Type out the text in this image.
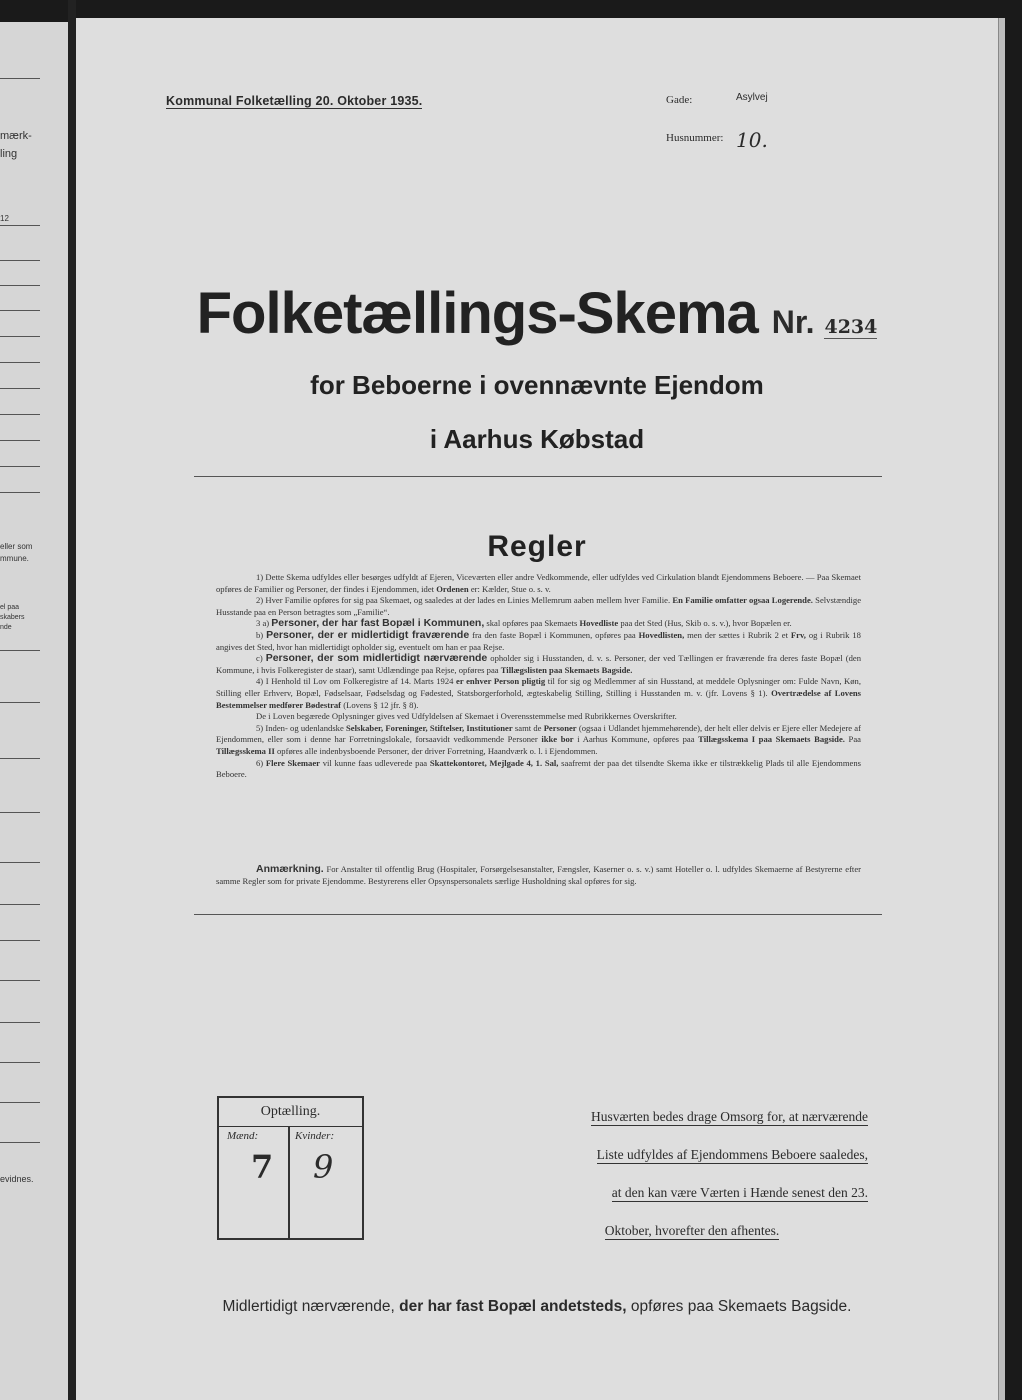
mærk-
ling
12
eller som
mmune.
el paa
skabers
nde
evidnes.
Kommunal Folketælling 20. Oktober 1935.	Gade:	Asylvej
Husnummer: 10.
Folketællings-Skema Nr. 4234
for Beboerne i ovennævnte Ejendom
i Aarhus Købstad
Regler

1) Dette Skema udfyldes eller besørges udfyldt af Ejeren, Viceværten eller andre Vedkommende, eller udfyldes ved Cirkulation blandt Ejendommens Beboere. — Paa Skemaet opføres de Familier og Personer, der findes i Ejendommen, idet Ordenen er: Kælder, Stue o. s. v.

2) Hver Familie opføres for sig paa Skemaet, og saaledes at der lades en Linies Mellemrum aaben mellem hver Familie. En Familie omfatter ogsaa Logerende. Selvstændige Husstande paa en Person betragtes som „Familie“.

3 a) Personer, der har fast Bopæl i Kommunen, skal opføres paa Skemaets Hovedliste paa det Sted (Hus, Skib o. s. v.), hvor Bopælen er.

b) Personer, der er midlertidigt fraværende fra den faste Bopæl i Kommunen, opføres paa Hovedlisten, men der sættes i Rubrik 2 et Frv, og i Rubrik 18 angives det Sted, hvor han midlertidigt opholder sig, eventuelt om han er paa Rejse.

c) Personer, der som midlertidigt nærværende opholder sig i Husstanden, d. v. s. Personer, der ved Tællingen er fraværende fra deres faste Bopæl (den Kommune, i hvis Folkeregister de staar), samt Udlændinge paa Rejse, opføres paa Tillægslisten paa Skemaets Bagside.

4) I Henhold til Lov om Folkeregistre af 14. Marts 1924 er enhver Person pligtig til for sig og Medlemmer af sin Husstand, at meddele Oplysninger om: Fulde Navn, Køn, Stilling eller Erhverv, Bopæl, Fødselsaar, Fødselsdag og Fødested, Statsborgerforhold, ægteskabelig Stilling, Stilling i Husstanden m. v. (jfr. Lovens § 1). Overtrædelse af Lovens Bestemmelser medfører Bødestraf (Lovens § 12 jfr. § 8).

De i Loven begærede Oplysninger gives ved Udfyldelsen af Skemaet i Overensstemmelse med Rubrikkernes Overskrifter.

5) Inden- og udenlandske Selskaber, Foreninger, Stiftelser, Institutioner samt de Personer (ogsaa i Udlandet hjemmehørende), der helt eller delvis er Ejere eller Medejere af Ejendommen, eller som i denne har Forretningslokale, forsaavidt vedkommende Personer ikke bor i Aarhus Kommune, opføres paa Tillægsskema I paa Skemaets Bagside. Paa Tillægsskema II opføres alle indenbysboende Personer, der driver Forretning, Haandværk o. l. i Ejendommen.

6) Flere Skemaer vil kunne faas udleverede paa Skattekontoret, Mejlgade 4, 1. Sal, saafremt der paa det tilsendte Skema ikke er tilstrækkelig Plads til alle Ejendommens Beboere.

Anmærkning. For Anstalter til offentlig Brug (Hospitaler, Forsørgelsesanstalter, Fængsler, Kaserner o. s. v.) samt Hoteller o. l. udfyldes Skemaerne af Bestyrerne efter samme Regler som for private Ejendomme. Bestyrerens eller Opsynspersonalets særlige Husholdning skal opføres for sig.

Optælling.
Mænd:	Kvinder:
7 9
Husværten bedes drage Omsorg for, at nærværende
Liste udfyldes af Ejendommens Beboere saaledes,
at den kan være Værten i Hænde senest den 23.
Oktober, hvorefter den afhentes.
Midlertidigt nærværende, der har fast Bopæl andetsteds, opføres paa Skemaets Bagside.
